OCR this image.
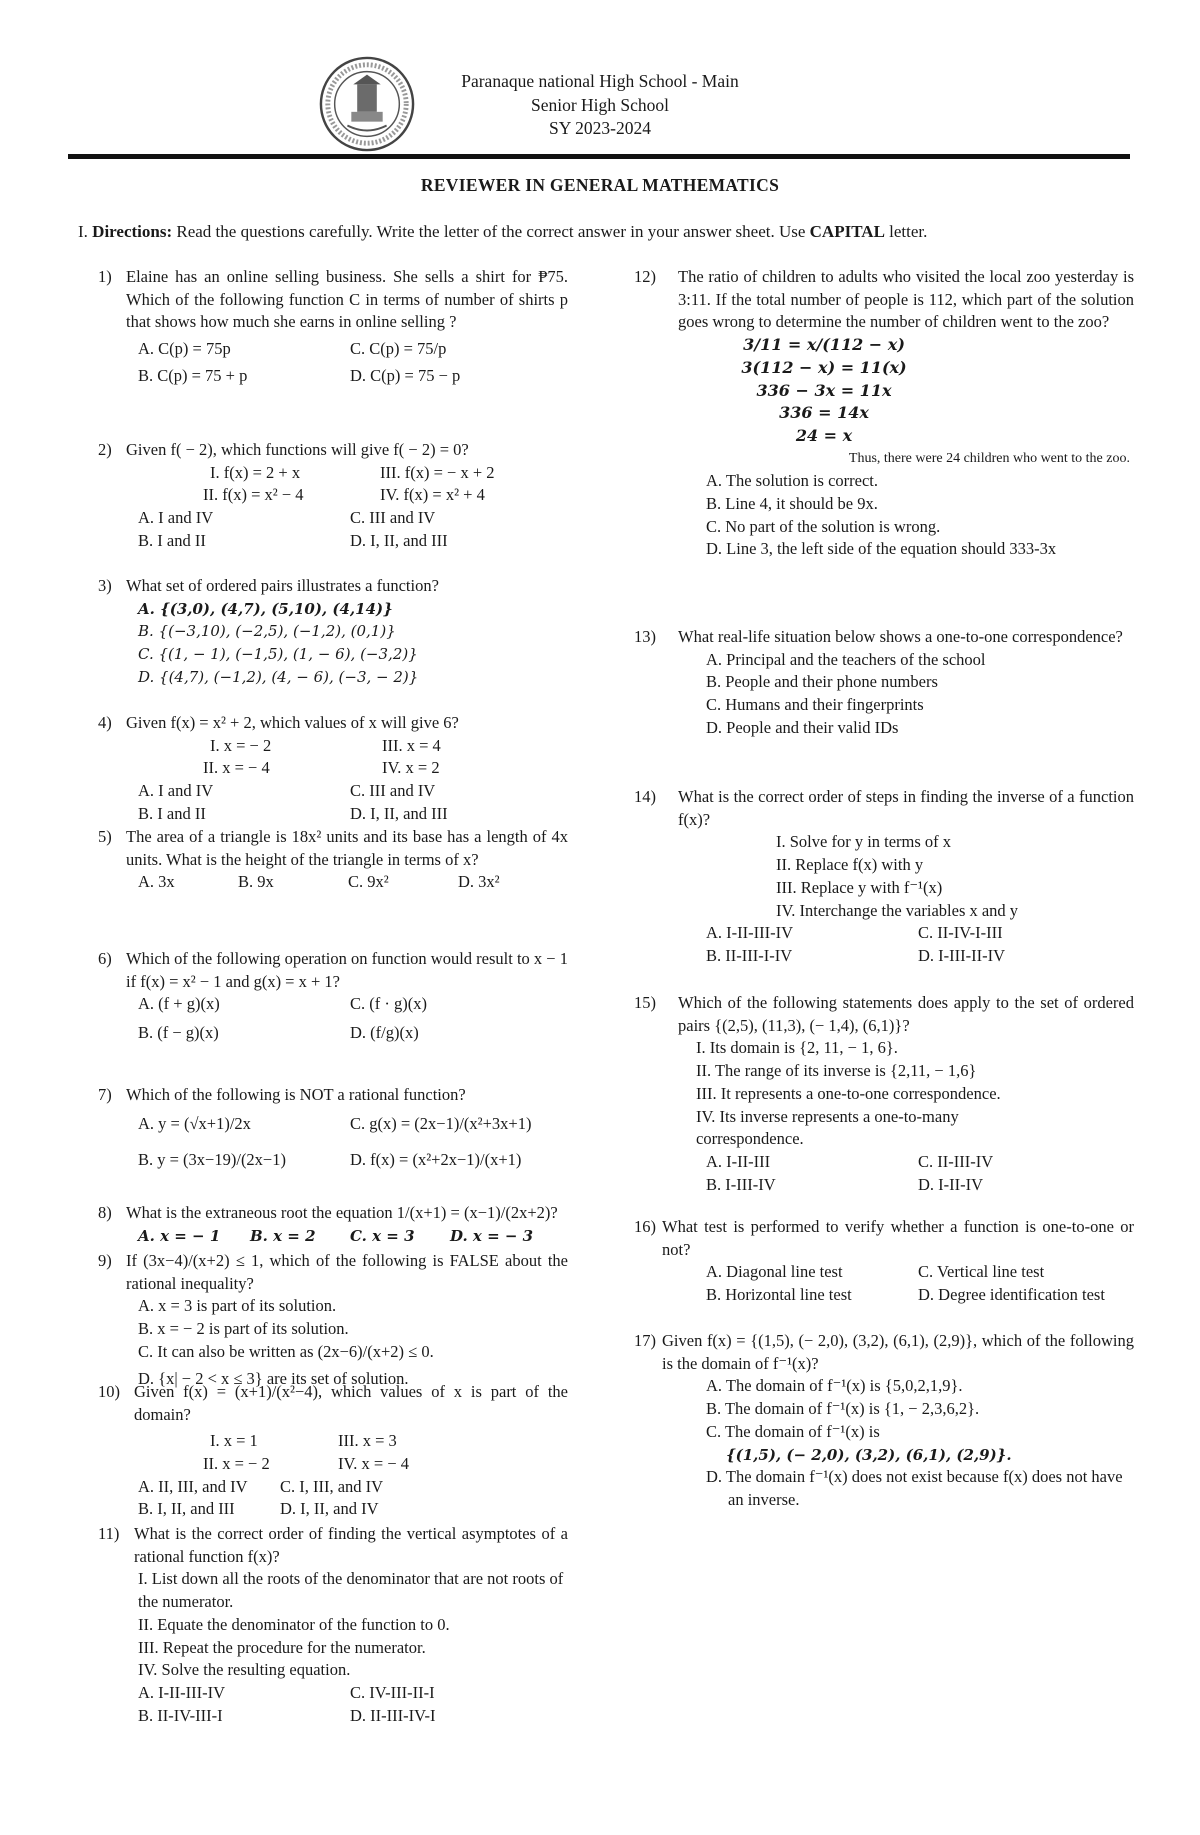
Paranaque national High School - Main
Senior High School
SY 2023-2024
REVIEWER IN GENERAL MATHEMATICS
I. Directions: Read the questions carefully. Write the letter of the correct answer in your answer sheet. Use CAPITAL letter.
1) Elaine has an online selling business. She sells a shirt for ₱75. Which of the following function C in terms of number of shirts p that shows how much she earns in online selling ?
A. C(p) = 75p	C. C(p) = 75/p
B. C(p) = 75 + p	D. C(p) = 75 − p
2) Given f( − 2), which functions will give f( − 2) = 0?
I. f(x) = 2 + x	III. f(x) = − x + 2
II. f(x) = x² − 4	IV. f(x) = x² + 4
A. I and IV	C. III and IV
B. I and II	D. I, II, and III
3) What set of ordered pairs illustrates a function?
A. {(3,0), (4,7), (5,10), (4,14)}
B. {(−3,10), (−2,5), (−1,2), (0,1)}
C. {(1, − 1), (−1,5), (1, − 6), (−3,2)}
D. {(4,7), (−1,2), (4, − 6), (−3, − 2)}
4) Given f(x) = x² + 2, which values of x will give 6?
I. x = − 2	III. x = 4
II. x = − 4	IV. x = 2
A. I and IV	C. III and IV
B. I and II	D. I, II, and III
5) The area of a triangle is 18x² units and its base has a length of 4x units. What is the height of the triangle in terms of x?
A. 3x	B. 9x	C. 9x²	D. 3x²
6) Which of the following operation on function would result to x − 1 if f(x) = x² − 1 and g(x) = x + 1?
A. (f + g)(x)	C. (f · g)(x)
B. (f − g)(x)	D. (f/g)(x)
7) Which of the following is NOT a rational function?
A. y = (√x+1)/2x	C. g(x) = (2x−1)/(x²+3x+1)
B. y = (3x−19)/(2x−1)	D. f(x) = (x²+2x−1)/(x+1)
8) What is the extraneous root the equation 1/(x+1) = (x−1)/(2x+2)?
A. x = − 1 B. x = 2 C. x = 3 D. x = − 3
9) If (3x−4)/(x+2) ≤ 1, which of the following is FALSE about the rational inequality?
A. x = 3 is part of its solution.
B. x = − 2 is part of its solution.
C. It can also be written as (2x−6)/(x+2) ≤ 0.
D. {x| − 2 < x ≤ 3} are its set of solution.
10) Given f(x) = (x+1)/(x²−4), which values of x is part of the domain?
I. x = 1	III. x = 3
II. x = − 2	IV. x = − 4
A. II, III, and IV C. I, III, and IV
B. I, II, and III	D. I, II, and IV
11) What is the correct order of finding the vertical asymptotes of a rational function f(x)?
I. List down all the roots of the denominator that are not roots of the numerator.
II. Equate the denominator of the function to 0.
III. Repeat the procedure for the numerator.
IV. Solve the resulting equation.
A. I-II-III-IV	C. IV-III-II-I
B. II-IV-III-I	D. II-III-IV-I
12) The ratio of children to adults who visited the local zoo yesterday is 3:11. If the total number of people is 112, which part of the solution goes wrong to determine the number of children went to the zoo?
3/11 = x/(112 − x)
3(112 − x) = 11(x)
336 − 3x = 11x
336 = 14x
24 = x
Thus, there were 24 children who went to the zoo.
A. The solution is correct.
B. Line 4, it should be 9x.
C. No part of the solution is wrong.
D. Line 3, the left side of the equation should 333-3x
13) What real-life situation below shows a one-to-one correspondence?
A. Principal and the teachers of the school
B. People and their phone numbers
C. Humans and their fingerprints
D. People and their valid IDs
14) What is the correct order of steps in finding the inverse of a function f(x)?
I. Solve for y in terms of x
II. Replace f(x) with y
III. Replace y with f⁻¹(x)
IV. Interchange the variables x and y
A. I-II-III-IV	C. II-IV-I-III
B. II-III-I-IV	D. I-III-II-IV
15) Which of the following statements does apply to the set of ordered pairs {(2,5), (11,3), (− 1,4), (6,1)}?
I. Its domain is {2, 11, − 1, 6}.
II. The range of its inverse is {2,11, − 1,6}
III. It represents a one-to-one correspondence.
IV. Its inverse represents a one-to-many correspondence.
A. I-II-III	C. II-III-IV
B. I-III-IV	D. I-II-IV
16) What test is performed to verify whether a function is one-to-one or not?
A. Diagonal line test	C. Vertical line test
B. Horizontal line test	D. Degree identification test
17) Given f(x) = {(1,5), (− 2,0), (3,2), (6,1), (2,9)}, which of the following is the domain of f⁻¹(x)?
A. The domain of f⁻¹(x) is {5,0,2,1,9}.
B. The domain of f⁻¹(x) is {1, − 2,3,6,2}.
C. The domain of f⁻¹(x) is
{(1,5), (− 2,0), (3,2), (6,1), (2,9)}.
D. The domain f⁻¹(x) does not exist because f(x) does not have an inverse.
